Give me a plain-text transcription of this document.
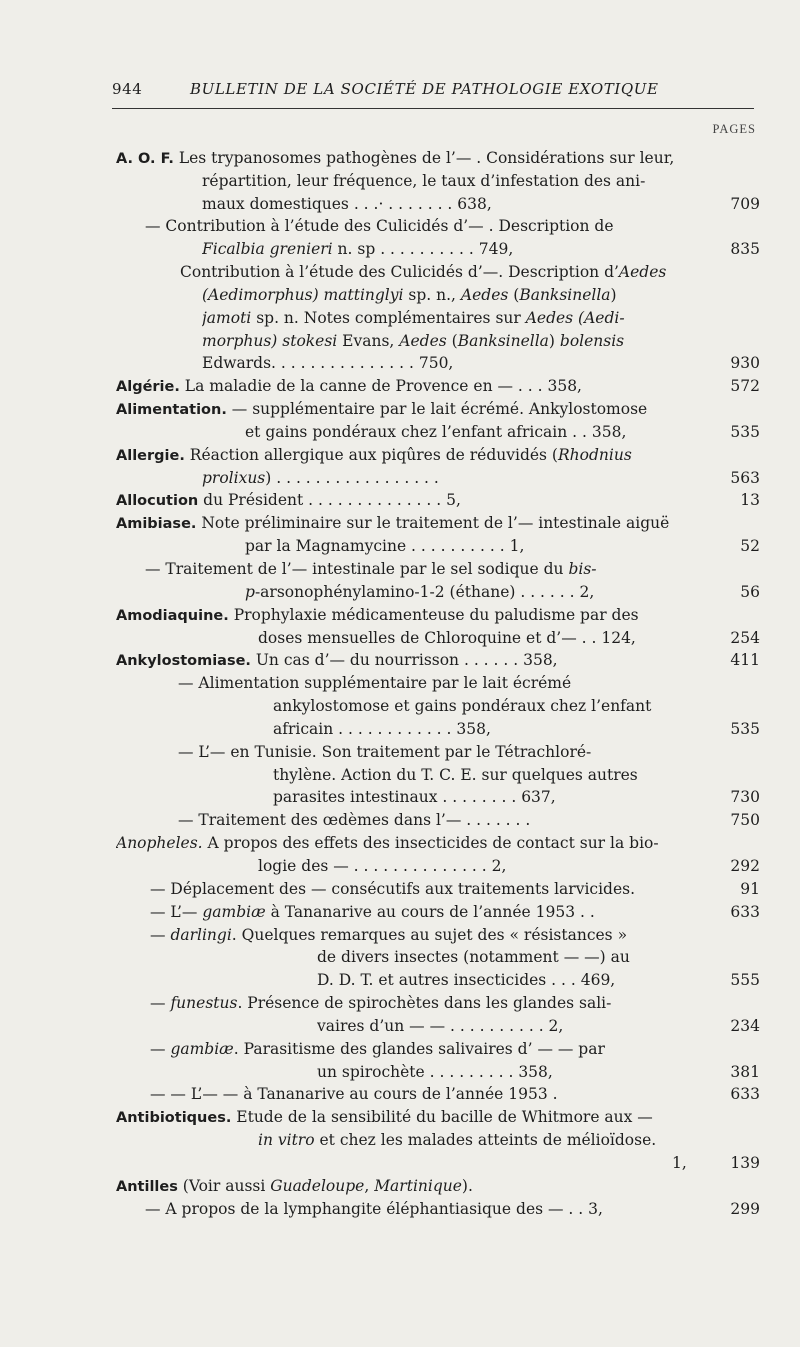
944	BULLETIN DE LA SOCIÉTÉ DE PATHOLOGIE EXOTIQUE
PAGES
A. O. F. Les trypanosomes pathogènes de l’— . Considérations sur leur,
répartition, leur fréquence, le taux d’infestation des ani-
maux domestiques . . .· . . . . . . . 638,	709
— Contribution à l’étude des Culicidés d’— . Description de
Ficalbia grenieri n. sp . . . . . . . . . . 749,	835
Contribution à l’étude des Culicidés d’—. Description d’Aedes
(Aedimorphus) mattinglyi sp. n., Aedes (Banksinella)
jamoti sp. n. Notes complémentaires sur Aedes (Aedi-
morphus) stokesi Evans, Aedes (Banksinella) bolensis
Edwards. . . . . . . . . . . . . . . 750,	930
Algérie. La maladie de la canne de Provence en — . . . 358,	572
Alimentation. — supplémentaire par le lait écrémé. Ankylostomose
et gains pondéraux chez l’enfant africain . . 358,	535
Allergie. Réaction allergique aux piqûres de réduvidés (Rhodnius
prolixus) . . . . . . . . . . . . . . . . .	563
Allocution du Président . . . . . . . . . . . . . . 5,	13
Amibiase. Note préliminaire sur le traitement de l’— intestinale aiguë
par la Magnamycine . . . . . . . . . . 1,	52
— Traitement de l’— intestinale par le sel sodique du bis-
p-arsonophénylamino-1-2 (éthane) . . . . . . 2,	56
Amodiaquine. Prophylaxie médicamenteuse du paludisme par des
doses mensuelles de Chloroquine et d’— . . 124,	254
Ankylostomiase. Un cas d’— du nourrisson . . . . . . 358,	411
— Alimentation supplémentaire par le lait écrémé
ankylostomose et gains pondéraux chez l’enfant
africain . . . . . . . . . . . . 358,	535
— L’— en Tunisie. Son traitement par le Tétrachloré-
thylène. Action du T. C. E. sur quelques autres
parasites intestinaux . . . . . . . . 637,	730
— Traitement des œdèmes dans l’— . . . . . . .	750
Anopheles. A propos des effets des insecticides de contact sur la bio-
logie des — . . . . . . . . . . . . . . 2,	292
— Déplacement des — consécutifs aux traitements larvicides.	91
— L’— gambiæ à Tananarive au cours de l’année 1953 . .	633
— darlingi. Quelques remarques au sujet des « résistances »
de divers insectes (notamment — —) au
D. D. T. et autres insecticides . . . 469,	555
— funestus. Présence de spirochètes dans les glandes sali-
vaires d’un — — . . . . . . . . . . 2,	234
— gambiæ. Parasitisme des glandes salivaires d’ — — par
un spirochète . . . . . . . . . 358,	381
— — L’— — à Tananarive au cours de l’année 1953 .	633
Antibiotiques. Etude de la sensibilité du bacille de Whitmore aux —
in vitro et chez les malades atteints de mélioïdose.
1,	139
Antilles (Voir aussi Guadeloupe, Martinique).
— A propos de la lymphangite éléphantiasique des — . . 3,	299
